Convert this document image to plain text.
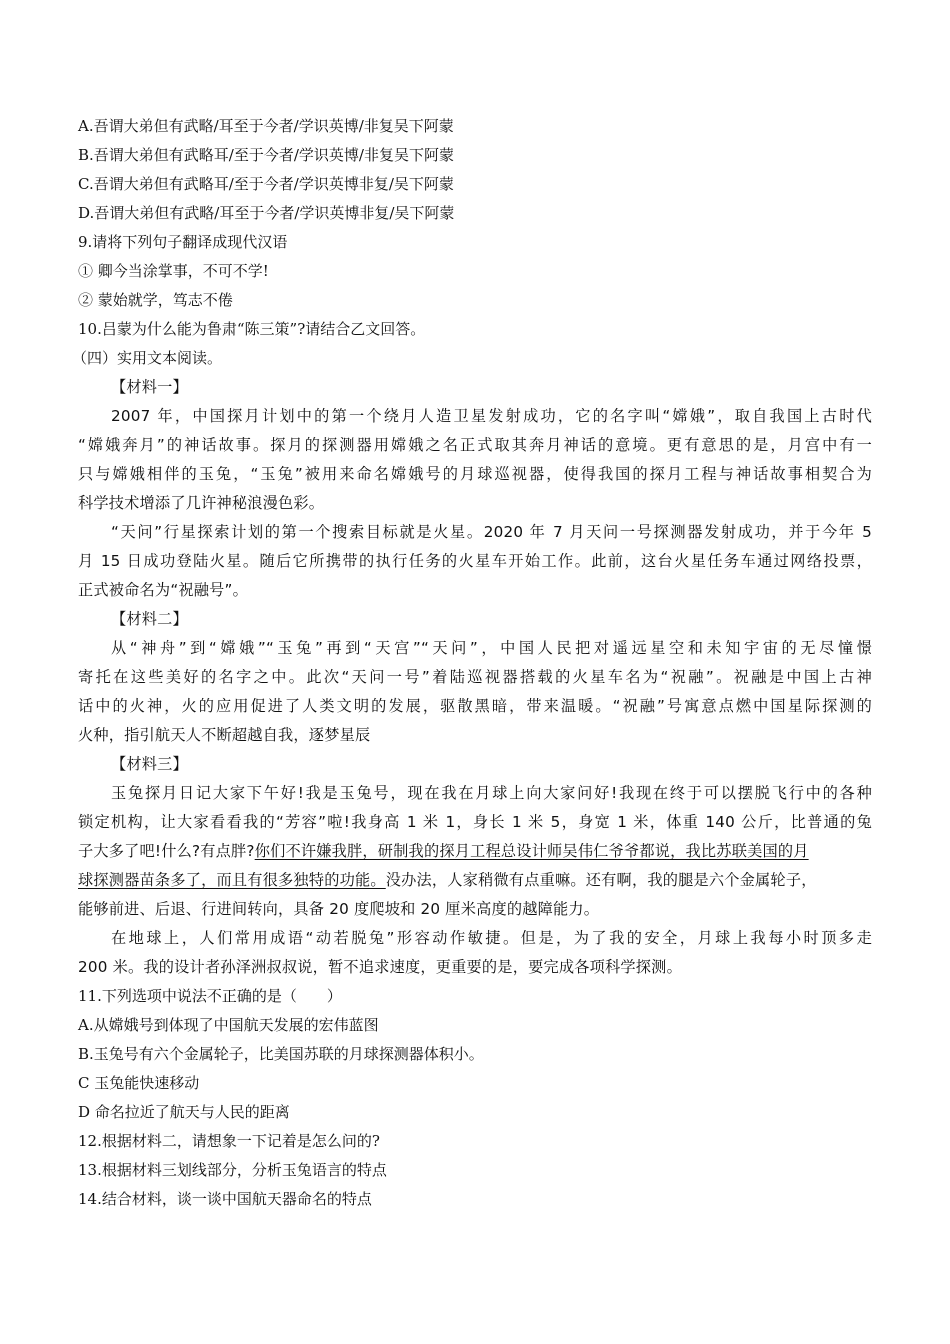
A.吾谓大弟但有武略/耳至于今者/学识英博/非复吴下阿蒙
B.吾谓大弟但有武略耳/至于今者/学识英博/非复吴下阿蒙
C.吾谓大弟但有武略耳/至于今者/学识英博非复/吴下阿蒙
D.吾谓大弟但有武略/耳至于今者/学识英博非复/吴下阿蒙
9.请将下列句子翻译成现代汉语
① 卿今当涂掌事，不可不学!
② 蒙始就学，笃志不倦
10.吕蒙为什么能为鲁肃“陈三策”?请结合乙文回答。
（四）实用文本阅读。
【材料一】
2007 年，中国探月计划中的第一个绕月人造卫星发射成功，它的名字叫“嫦娥”，取自我国上古时代
“嫦娥奔月”的神话故事。探月的探测器用嫦娥之名正式取其奔月神话的意境。更有意思的是，月宫中有一
只与嫦娥相伴的玉兔，“玉兔”被用来命名嫦娥号的月球巡视器，使得我国的探月工程与神话故事相契合为
科学技术增添了几许神秘浪漫色彩。
“天问”行星探索计划的第一个搜索目标就是火星。2020 年 7 月天问一号探测器发射成功，并于今年 5
月 15 日成功登陆火星。随后它所携带的执行任务的火星车开始工作。此前，这台火星任务车通过网络投票，
正式被命名为“祝融号”。
【材料二】
从“神舟”到“嫦娥”“玉兔”再到“天宫”“天问”，中国人民把对遥远星空和未知宇宙的无尽憧憬
寄托在这些美好的名字之中。此次“天问一号”着陆巡视器搭载的火星车名为“祝融”。祝融是中国上古神
话中的火神，火的应用促进了人类文明的发展，驱散黑暗，带来温暖。“祝融”号寓意点燃中国星际探测的
火种，指引航天人不断超越自我，逐梦星辰
【材料三】
玉兔探月日记大家下午好!我是玉兔号，现在我在月球上向大家问好!我现在终于可以摆脱飞行中的各种
锁定机构，让大家看看我的“芳容”啦!我身高 1 米 1，身长 1 米 5，身宽 1 米，体重 140 公斤，比普通的兔
子大多了吧!什么?有点胖?你们不许嫌我胖，研制我的探月工程总设计师吴伟仁爷爷都说，我比苏联美国的月
球探测器苗条多了，而且有很多独特的功能。没办法，人家稍微有点重嘛。还有啊，我的腿是六个金属轮子，
能够前进、后退、行进间转向，具备 20 度爬坡和 20 厘米高度的越障能力。
在地球上，人们常用成语“动若脱兔”形容动作敏捷。但是，为了我的安全，月球上我每小时顶多走
200 米。我的设计者孙泽洲叔叔说，暂不追求速度，更重要的是，要完成各项科学探测。
11.下列选项中说法不正确的是（　　）
A.从嫦娥号到体现了中国航天发展的宏伟蓝图
B.玉兔号有六个金属轮子，比美国苏联的月球探测器体积小。
C 玉兔能快速移动
D 命名拉近了航天与人民的距离
12.根据材料二，请想象一下记着是怎么问的?
13.根据材料三划线部分，分析玉兔语言的特点
14.结合材料，谈一谈中国航天器命名的特点
